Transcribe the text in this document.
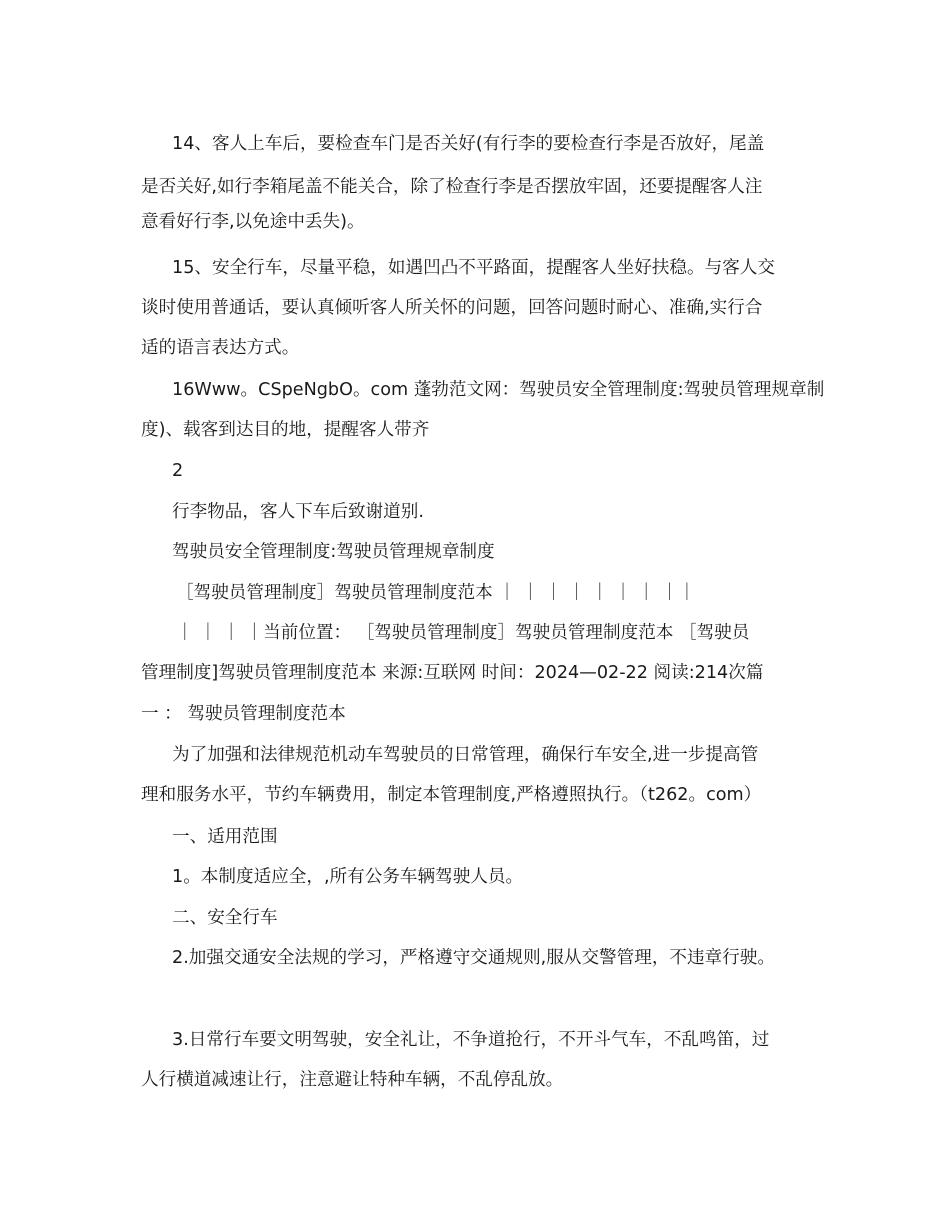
14、客人上车后，要检查车门是否关好(有行李的要检查行李是否放好，尾盖
是否关好,如行李箱尾盖不能关合，除了检查行李是否摆放牢固，还要提醒客人注
意看好行李,以免途中丢失)。
15、安全行车，尽量平稳，如遇凹凸不平路面，提醒客人坐好扶稳。与客人交
谈时使用普通话，要认真倾听客人所关怀的问题，回答问题时耐心、准确,实行合
适的语言表达方式。
16Www。CSpeNgbO。com 蓬勃范文网：驾驶员安全管理制度:驾驶员管理规章制
度)、载客到达目的地，提醒客人带齐
2
行李物品，客人下车后致谢道别.
驾驶员安全管理制度:驾驶员管理规章制度
［驾驶员管理制度］驾驶员管理制度范本 ｜ ｜ ｜ ｜ ｜ ｜ ｜ ｜｜
｜ ｜ ｜ ｜当前位置： ［驾驶员管理制度］驾驶员管理制度范本 ［驾驶员
管理制度]驾驶员管理制度范本 来源:互联网 时间：2024—02-22 阅读:214次篇
一 ： 驾驶员管理制度范本
为了加强和法律规范机动车驾驶员的日常管理，确保行车安全,进一步提高管
理和服务水平，节约车辆费用，制定本管理制度,严格遵照执行。（t262。com）
一、适用范围
1。本制度适应全，,所有公务车辆驾驶人员。
二、安全行车
2.加强交通安全法规的学习，严格遵守交通规则,服从交警管理，不违章行驶。
3.日常行车要文明驾驶，安全礼让，不争道抢行，不开斗气车，不乱鸣笛，过
人行横道减速让行，注意避让特种车辆，不乱停乱放。
